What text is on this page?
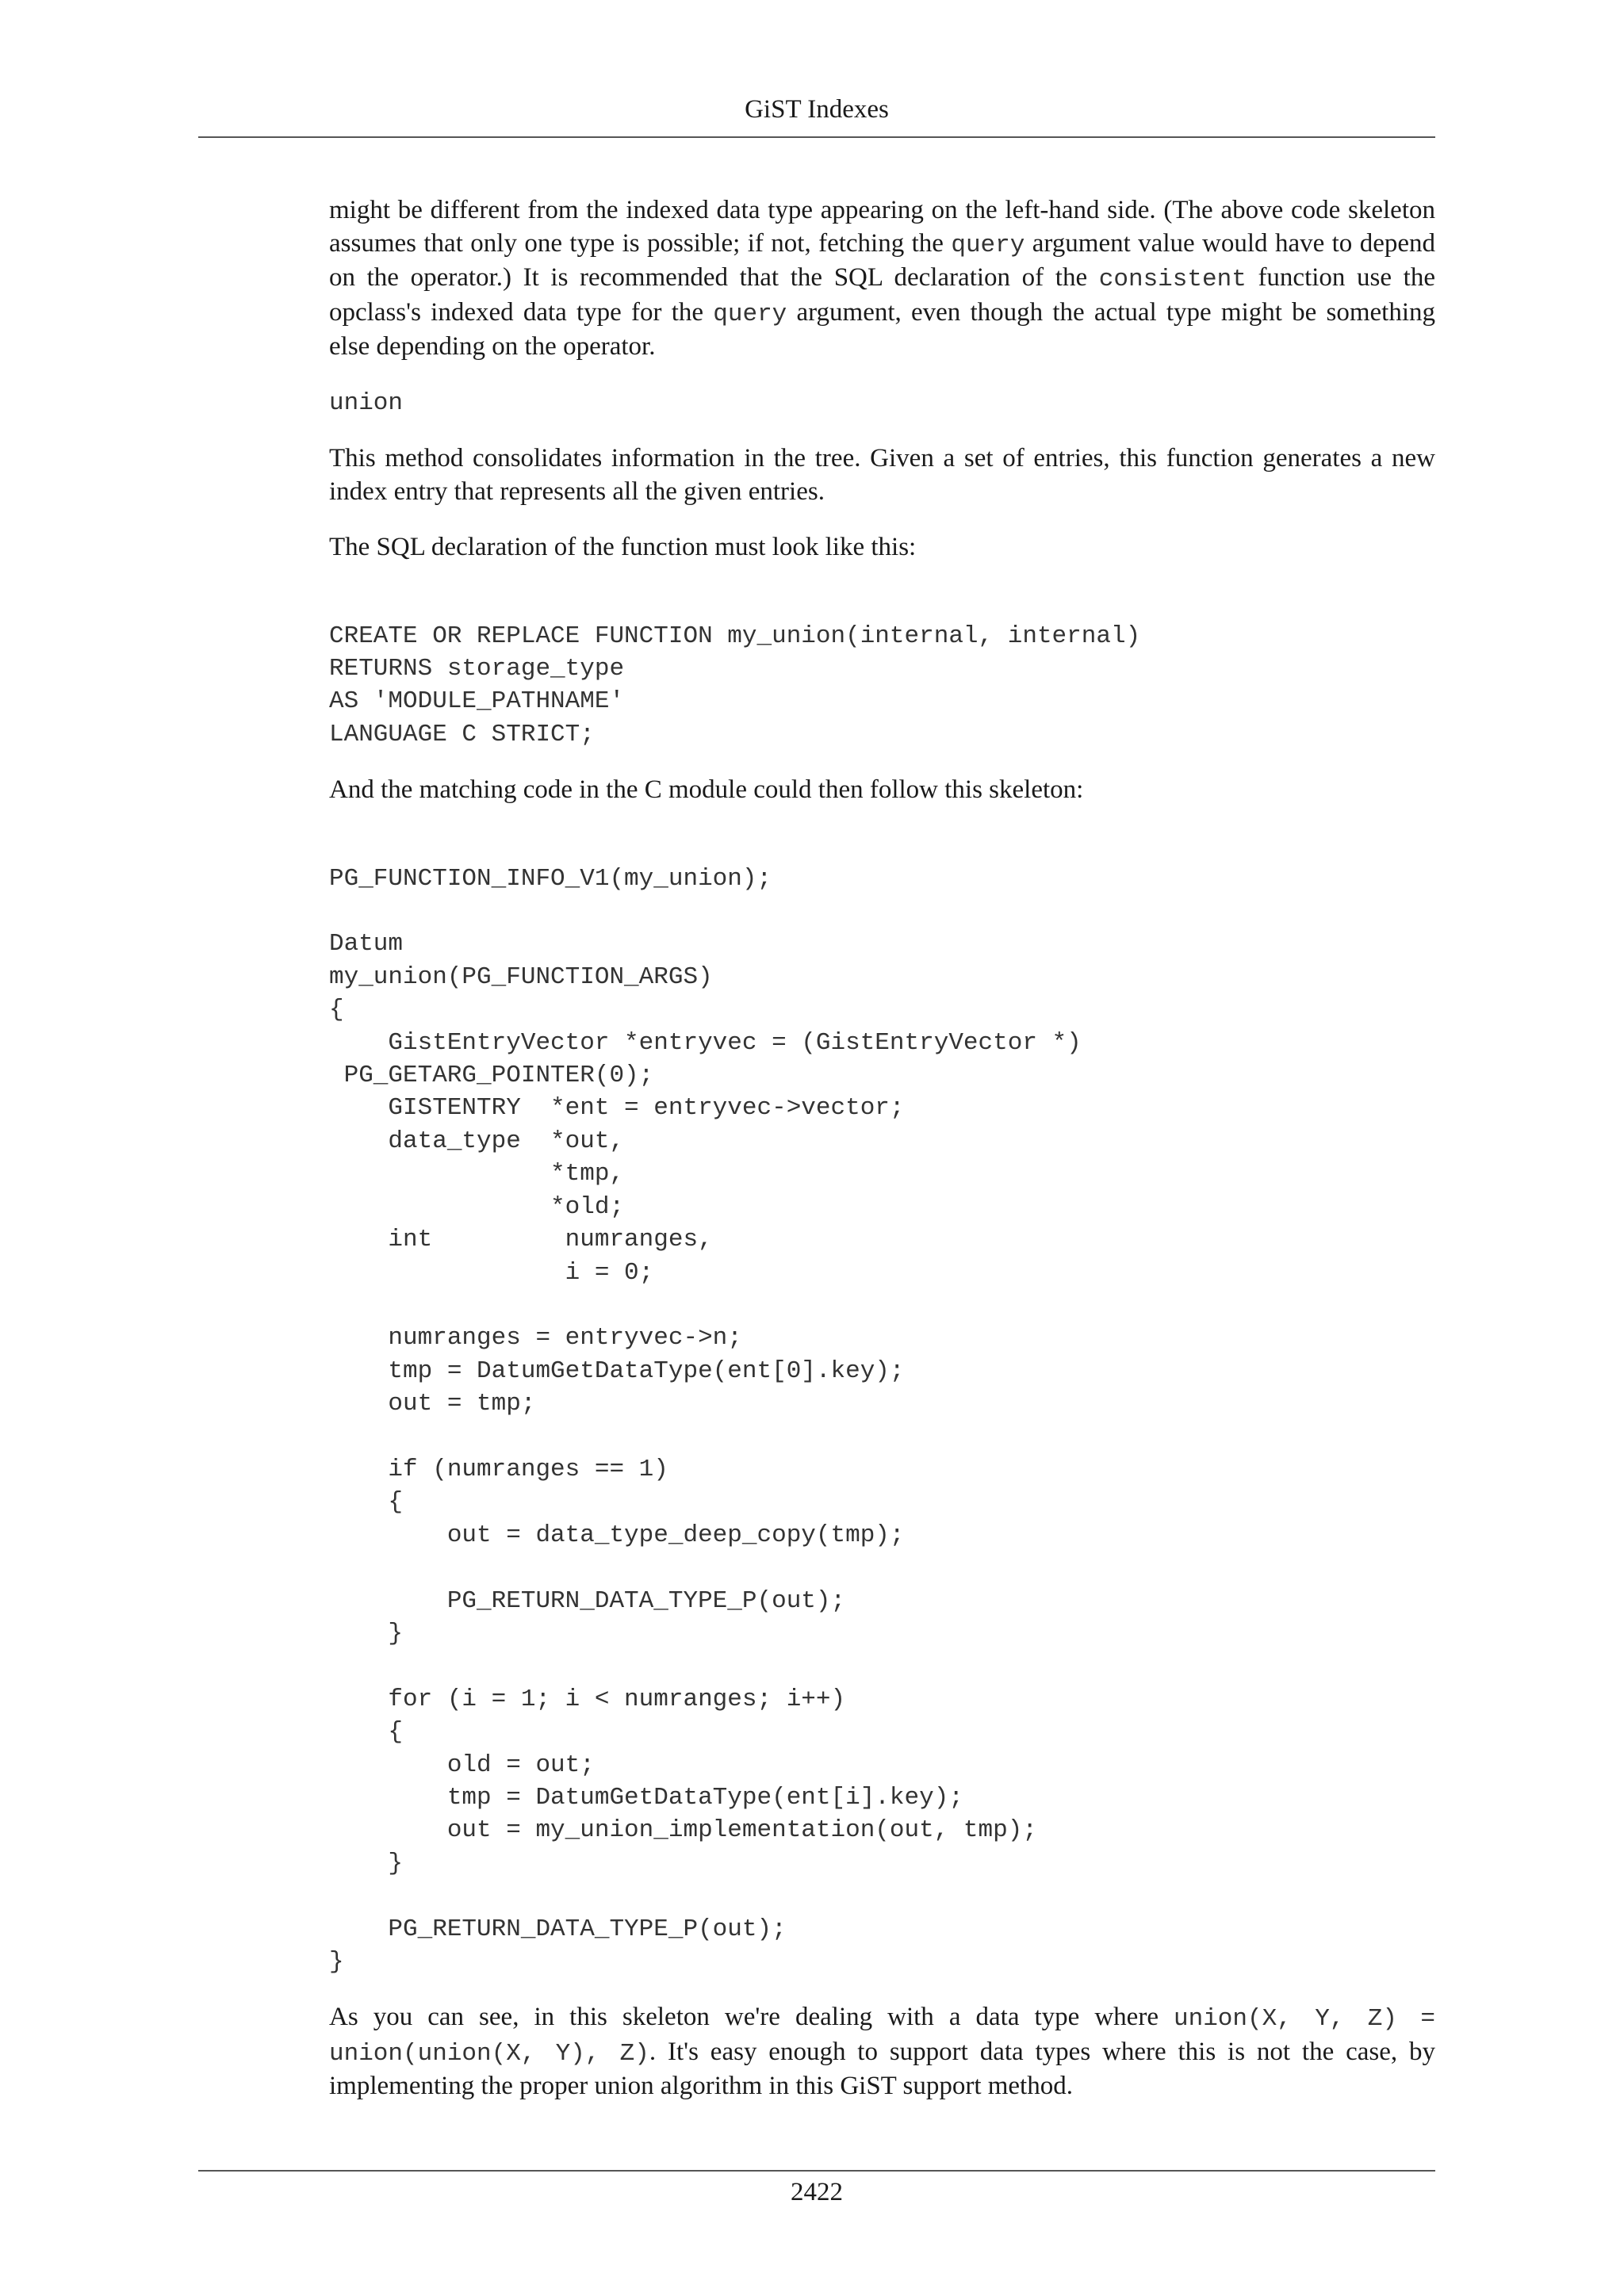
GiST Indexes

might be different from the indexed data type appearing on the left-hand side. (The above code skeleton assumes that only one type is possible; if not, fetching the query argument value would have to depend on the operator.) It is recommended that the SQL declaration of the consistent function use the opclass's indexed data type for the query argument, even though the actual type might be something else depending on the operator.

union

This method consolidates information in the tree. Given a set of entries, this function generates a new index entry that represents all the given entries.

The SQL declaration of the function must look like this:

CREATE OR REPLACE FUNCTION my_union(internal, internal)
RETURNS storage_type
AS 'MODULE_PATHNAME'
LANGUAGE C STRICT;

And the matching code in the C module could then follow this skeleton:

PG_FUNCTION_INFO_V1(my_union);

Datum
my_union(PG_FUNCTION_ARGS)
{
GistEntryVector *entryvec = (GistEntryVector *)
PG_GETARG_POINTER(0);
GISTENTRY  *ent = entryvec->vector;
data_type  *out,
*tmp,
*old;
int         numranges,
i = 0;

numranges = entryvec->n;
tmp = DatumGetDataType(ent[0].key);
out = tmp;

if (numranges == 1)
{
out = data_type_deep_copy(tmp);

PG_RETURN_DATA_TYPE_P(out);
}

for (i = 1; i < numranges; i++)
{
old = out;
tmp = DatumGetDataType(ent[i].key);
out = my_union_implementation(out, tmp);
}

PG_RETURN_DATA_TYPE_P(out);
}

As you can see, in this skeleton we're dealing with a data type where union(X, Y, Z) = union(union(X, Y), Z). It's easy enough to support data types where this is not the case, by implementing the proper union algorithm in this GiST support method.

2422
